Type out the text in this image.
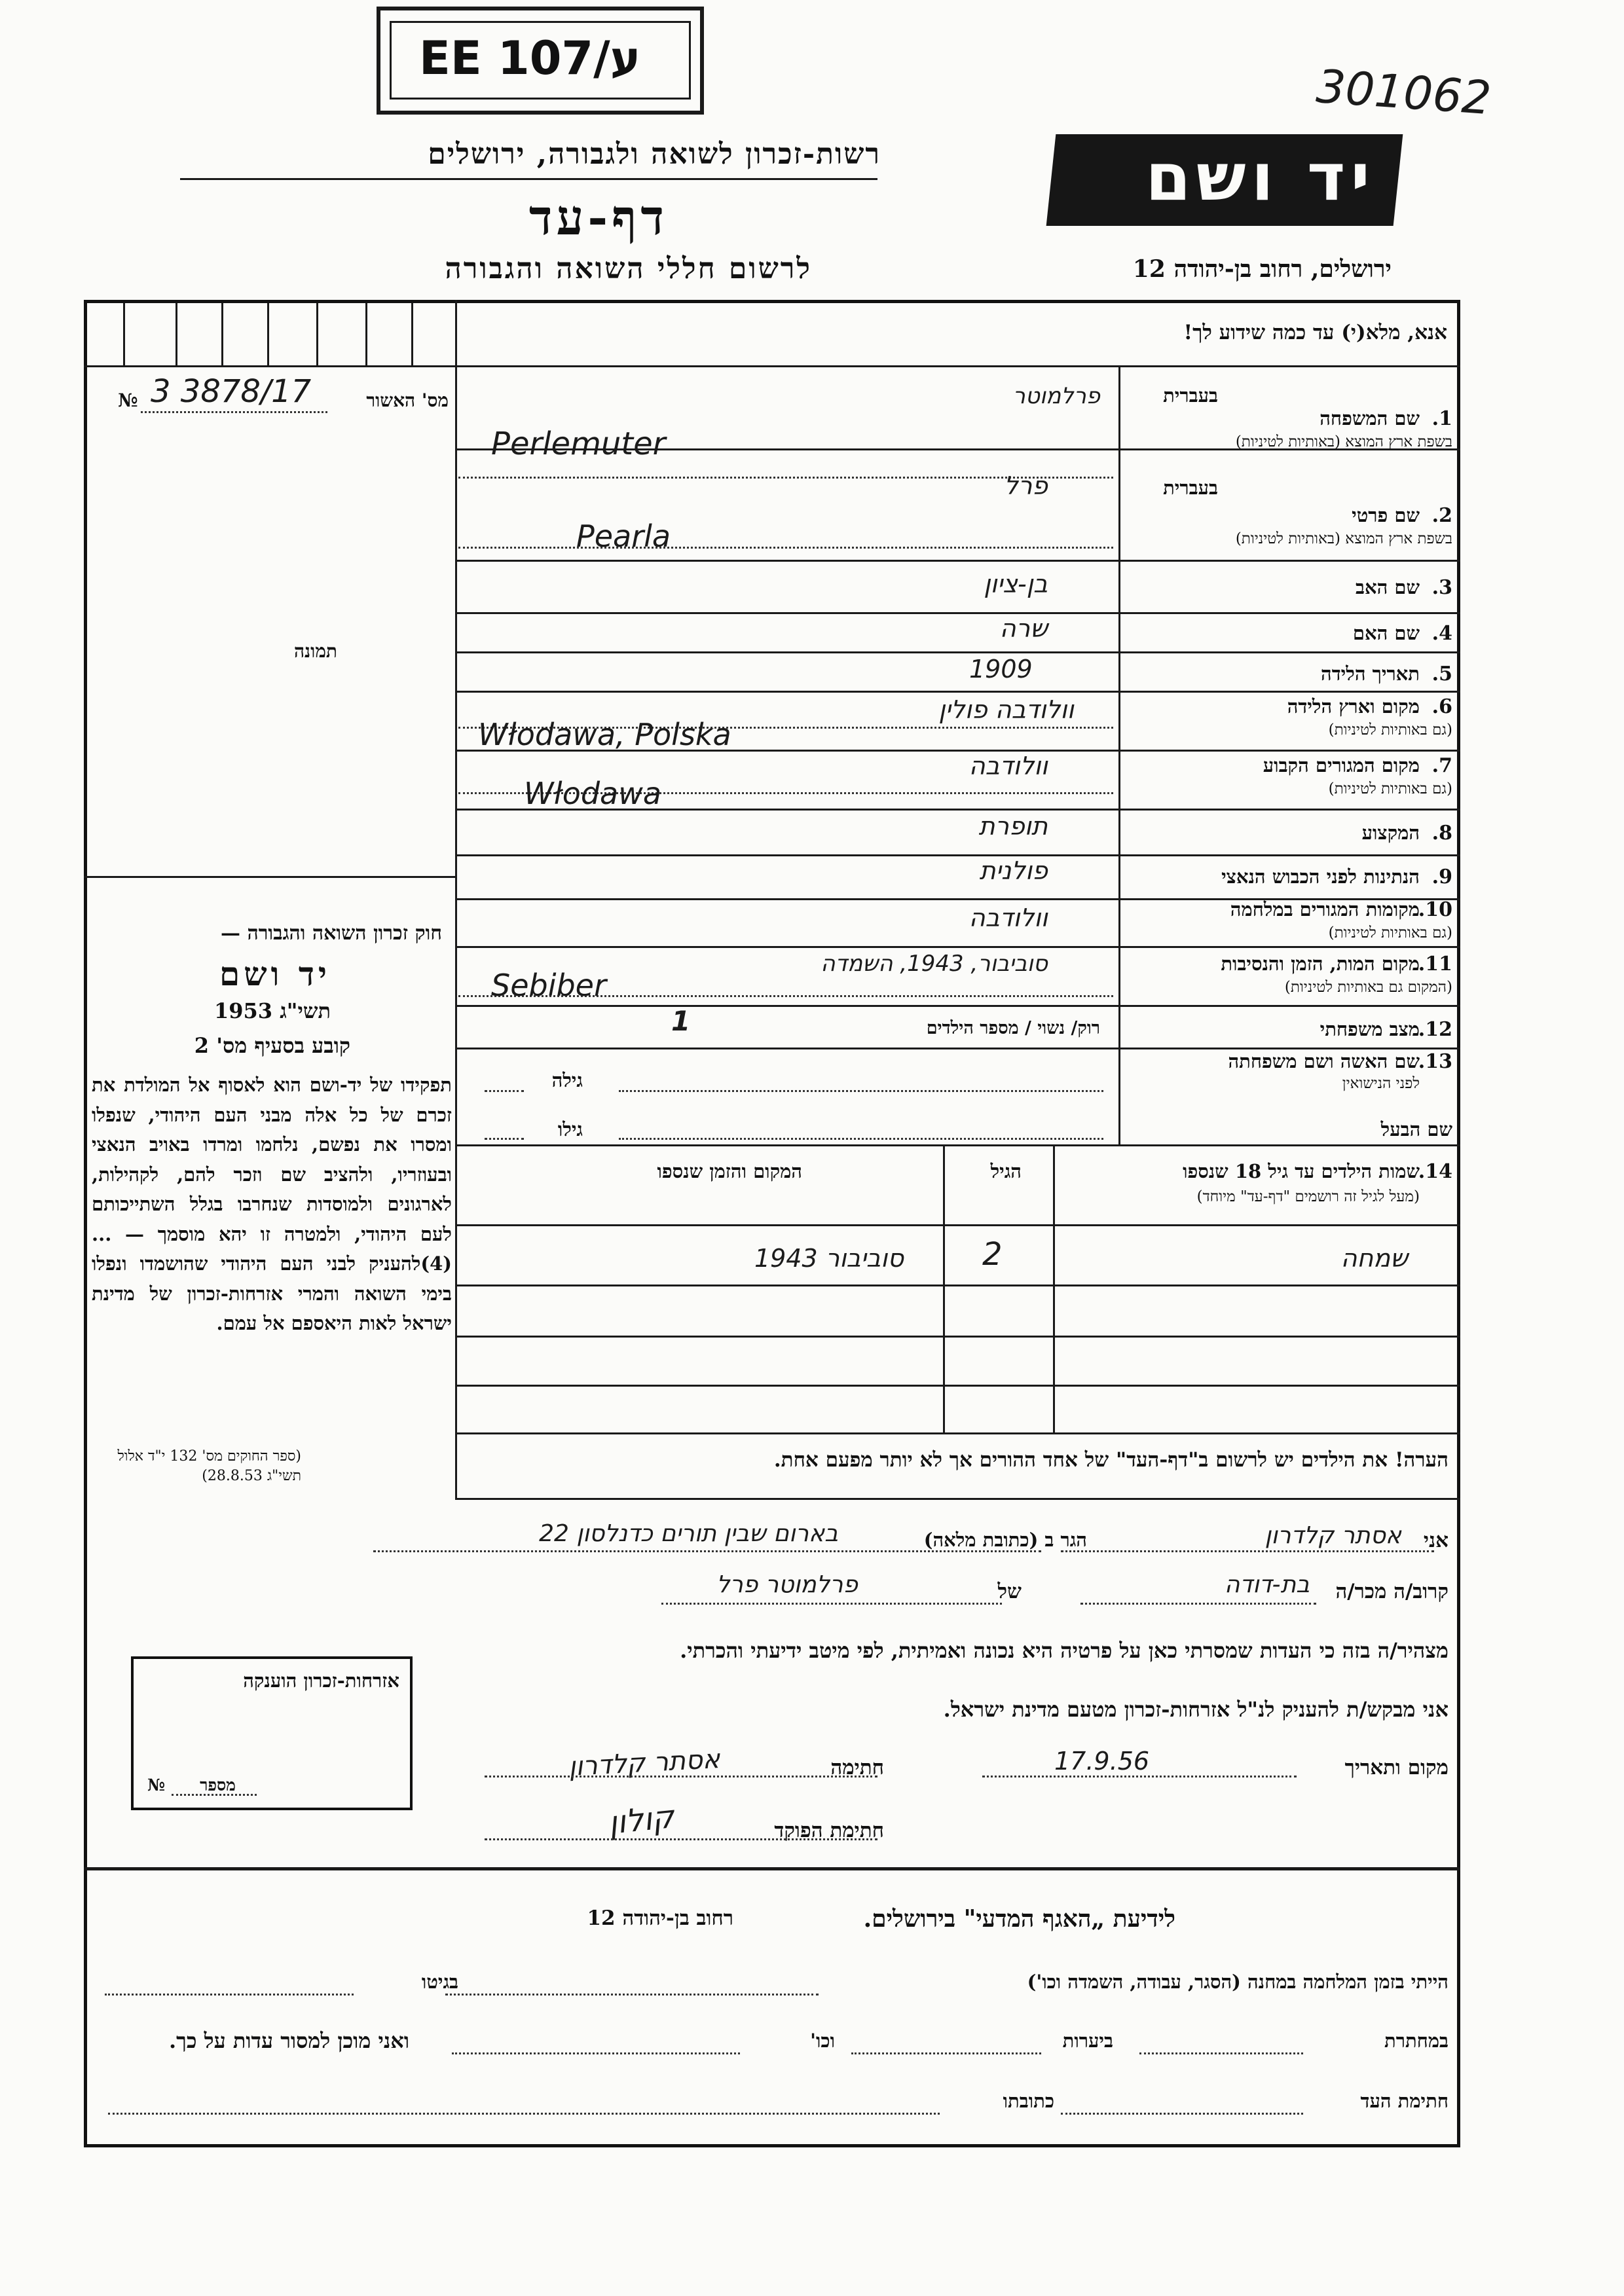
EE 107/ע
301062
רשות-זכרון לשואה ולגבורה, ירושלים
דף-עד
לרשום חללי השואה והגבורה
יד ושם
ירושלים, רחוב בן-יהודה 12
אנא, מלא(י) עד כמה שידוע לך!
מס' האשור
№ 3 3878/17
תמונה
בעברית
1.
שם המשפחה
בשפת ארץ המוצא (באותיות לטיניות)
פרלמוטר
Perlemuter
בעברית
2.
שם פרטי
בשפת ארץ המוצא (באותיות לטיניות)
פרל
Pearla
3.
שם האב
בן-ציון
4.
שם האם
שרה
5.
תאריך הלידה
1909
6.
מקום וארץ הלידה
(גם באותיות לטיניות)
וולודבה פולין
Włodawa, Polska
7.
מקום המגורים הקבוע
(גם באותיות לטיניות)
וולודבה
Włodawa
8.
המקצוע
תופרת
9.
הנתינות לפני הכבוש הנאצי
פולנית
10.
מקומות המגורים במלחמה
(גם באותיות לטיניות)
וולודבה
11.
מקום המות, הזמן והנסיבות
(המקום גם באותיות לטיניות)
סוביבור, 1943, השמדה
Sebiber
12.
מצב משפחתי
רוק/ נשוי / מספר הילדים
1
13.
שם האשה ושם משפחתה
לפני הנישואין
גילה
שם הבעל
גילו
14.
שמות הילדים עד גיל 18 שנספו
(מעל לגיל זה רושמים "דף-עד" מיוחד)
הגיל
המקום והזמן שנספו
שמחה
2
סוביבור 1943
חוק זכרון השואה והגבורה —
יד ושם
תשי"ג 1953
קובע בסעיף מס' 2
תפקידו של יד-ושם הוא לאסוף אל המולדת את זכרם של כל אלה מבני העם היהודי, שנפלו ומסרו את נפשם, נלחמו ומרדו באויב הנאצי ובעוזריו, ולהציב שם וזכר להם, לקהילות, לארגונים ולמוסדות שנחרבו בגלל השתייכותם לעם היהודי, ולמטרה זו יהא מוסמך — ...(4)להעניק לבני העם היהודי שהושמדו ונפלו בימי השואה והמרי אזרחות-זכרון של מדינת ישראל לאות היאספם אל עמם.
(ספר החוקים מס' 132 י"ד אלול תשי"ג 28.8.53)
הערה! את הילדים יש לרשום ב"דף-העד" של אחד ההורים אך לא יותר מפעם אחת.
אני
אסתר קלדרון
הגר ב (כתובת מלאה)
בארום שבין תורים כדנלסון 22
קרוב/ה מכר/ה
בת-דודה
של
פרלמוטר פרל
מצהיר/ה בזה כי העדות שמסרתי כאן על פרטיה היא נכונה ואמיתית, לפי מיטב ידיעתי והכרתי.
אני מבקש/ת להעניק לנ"ל אזרחות-זכרון מטעם מדינת ישראל.
מקום ותאריך
17.9.56
חתימה
אסתר קלדרון
חתימת הפוקד
קולון
אזרחות-זכרון הוענקה
מספר
№
לידיעת „האגף המדעי" בירושלים.
רחוב בן-יהודה 12
הייתי בזמן המלחמה במחנה (הסגר, עבודה, השמדה וכו')
בגיטו
במחתרת
ביערות
וכו'
ואני מוכן למסור עדות על כך.
חתימת העד
כתובתו
